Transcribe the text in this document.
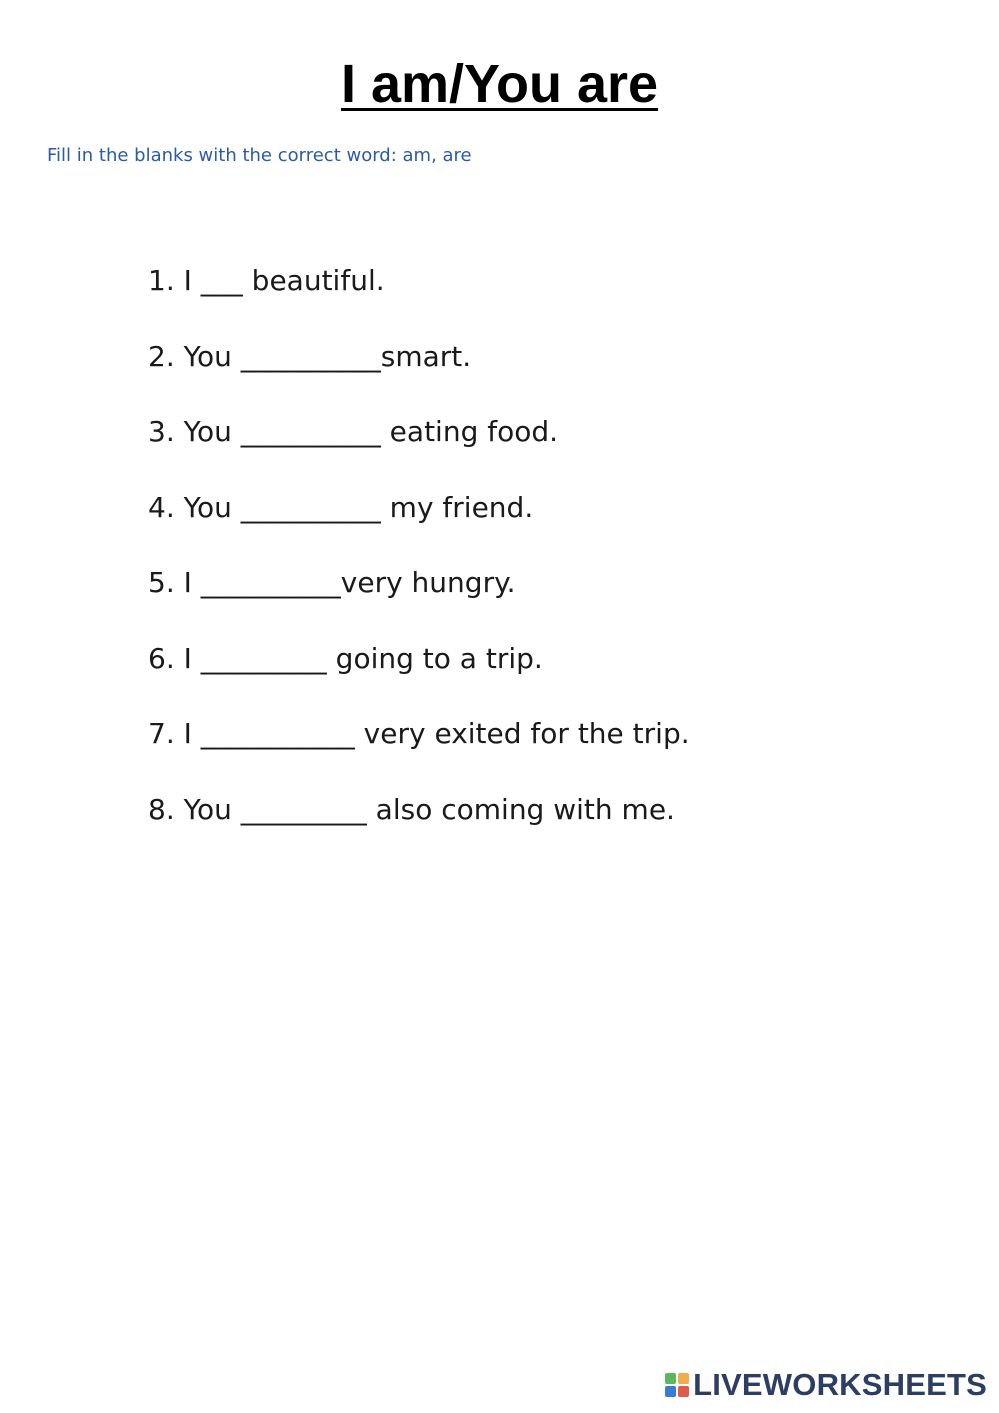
I am/You are

Fill in the blanks with the correct word: am, are

1. I ___ beautiful.
2. You __________smart.
3. You __________ eating food.
4. You __________ my friend.
5. I __________very hungry.
6. I _________ going to a trip.
7. I ___________ very exited for the trip.
8. You _________ also coming with me.
LIVEWORKSHEETS
